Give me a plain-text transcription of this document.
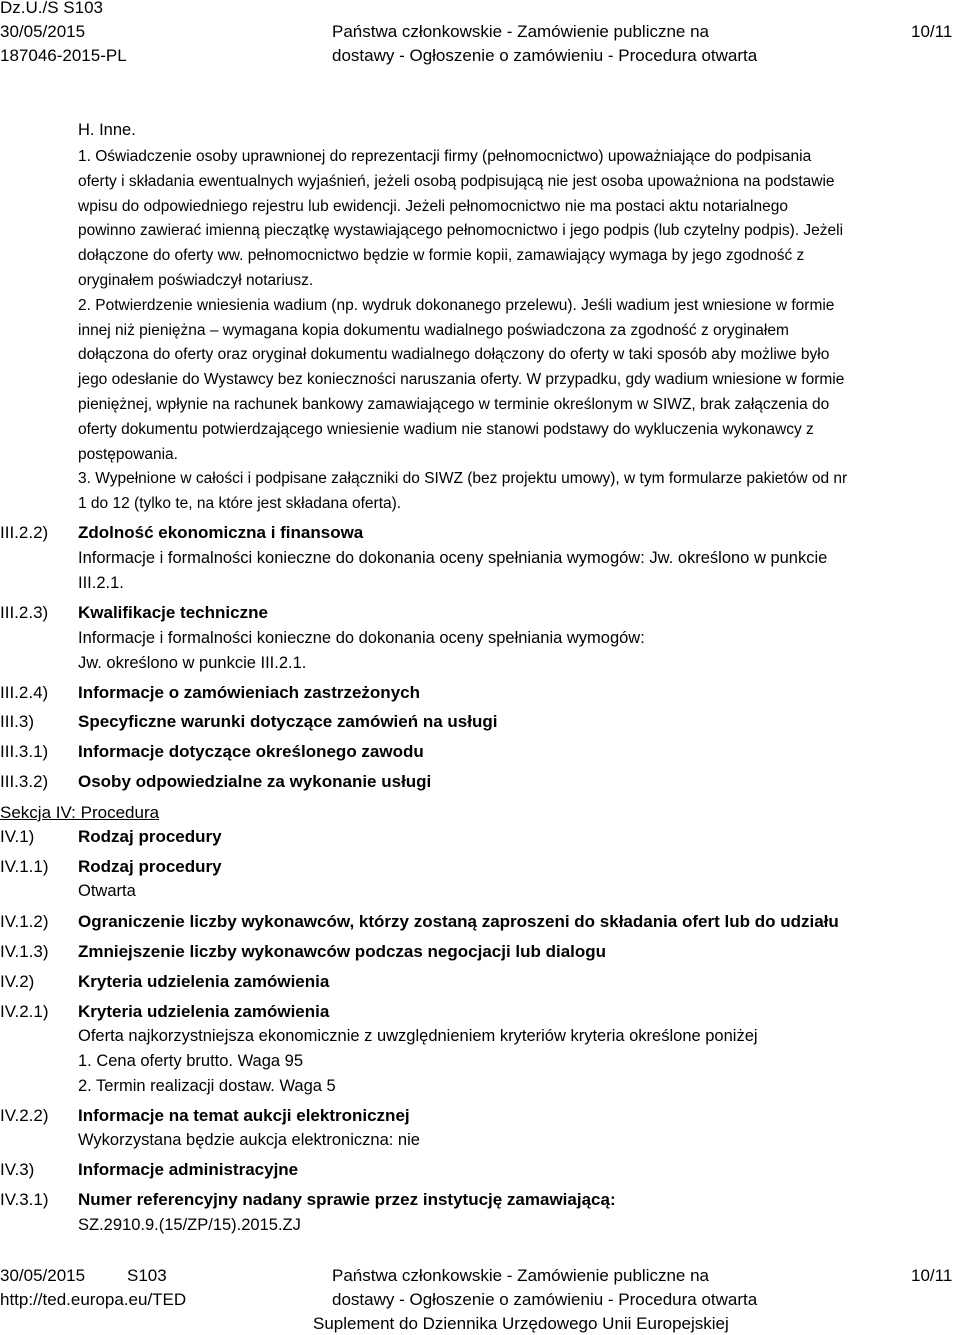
Dz.U./S S103
30/05/2015
187046-2015-PL
Państwa członkowskie - Zamówienie publiczne na
dostawy - Ogłoszenie o zamówieniu - Procedura otwarta
10/11
H. Inne.
1. Oświadczenie osoby uprawnionej do reprezentacji firmy (pełnomocnictwo) upoważniające do podpisania
oferty i składania ewentualnych wyjaśnień, jeżeli osobą podpisującą nie jest osoba upoważniona na podstawie
wpisu do odpowiedniego rejestru lub ewidencji. Jeżeli pełnomocnictwo nie ma postaci aktu notarialnego
powinno zawierać imienną pieczątkę wystawiającego pełnomocnictwo i jego podpis (lub czytelny podpis). Jeżeli
dołączone do oferty ww. pełnomocnictwo będzie w formie kopii, zamawiający wymaga by jego zgodność z
oryginałem poświadczył notariusz.
2. Potwierdzenie wniesienia wadium (np. wydruk dokonanego przelewu). Jeśli wadium jest wniesione w formie
innej niż pieniężna – wymagana kopia dokumentu wadialnego poświadczona za zgodność z oryginałem
dołączona do oferty oraz oryginał dokumentu wadialnego dołączony do oferty w taki sposób aby możliwe było
jego odesłanie do Wystawcy bez konieczności naruszania oferty. W przypadku, gdy wadium wniesione w formie
pieniężnej, wpłynie na rachunek bankowy zamawiającego w terminie określonym w SIWZ, brak załączenia do
oferty dokumentu potwierdzającego wniesienie wadium nie stanowi podstawy do wykluczenia wykonawcy z
postępowania.
3. Wypełnione w całości i podpisane załączniki do SIWZ (bez projektu umowy), w tym formularze pakietów od nr
1 do 12 (tylko te, na które jest składana oferta).
III.2.2) Zdolność ekonomiczna i finansowa
Informacje i formalności konieczne do dokonania oceny spełniania wymogów: Jw. określono w punkcie
III.2.1.
III.2.3) Kwalifikacje techniczne
Informacje i formalności konieczne do dokonania oceny spełniania wymogów:
Jw. określono w punkcie III.2.1.
III.2.4) Informacje o zamówieniach zastrzeżonych
III.3)	Specyficzne warunki dotyczące zamówień na usługi
III.3.1) Informacje dotyczące określonego zawodu
III.3.2) Osoby odpowiedzialne za wykonanie usługi
Sekcja IV: Procedura
IV.1)	Rodzaj procedury
IV.1.1) Rodzaj procedury
Otwarta
IV.1.2) Ograniczenie liczby wykonawców, którzy zostaną zaproszeni do składania ofert lub do udziału
IV.1.3) Zmniejszenie liczby wykonawców podczas negocjacji lub dialogu
IV.2)	Kryteria udzielenia zamówienia
IV.2.1) Kryteria udzielenia zamówienia
Oferta najkorzystniejsza ekonomicznie z uwzględnieniem kryteriów kryteria określone poniżej
1. Cena oferty brutto. Waga 95
2. Termin realizacji dostaw. Waga 5
IV.2.2) Informacje na temat aukcji elektronicznej
Wykorzystana będzie aukcja elektroniczna: nie
IV.3)	Informacje administracyjne
IV.3.1) Numer referencyjny nadany sprawie przez instytucję zamawiającą:
SZ.2910.9.(15/ZP/15).2015.ZJ
30/05/2015 S103
http://ted.europa.eu/TED
Państwa członkowskie - Zamówienie publiczne na
dostawy - Ogłoszenie o zamówieniu - Procedura otwarta
Suplement do Dziennika Urzędowego Unii Europejskiej
10/11
